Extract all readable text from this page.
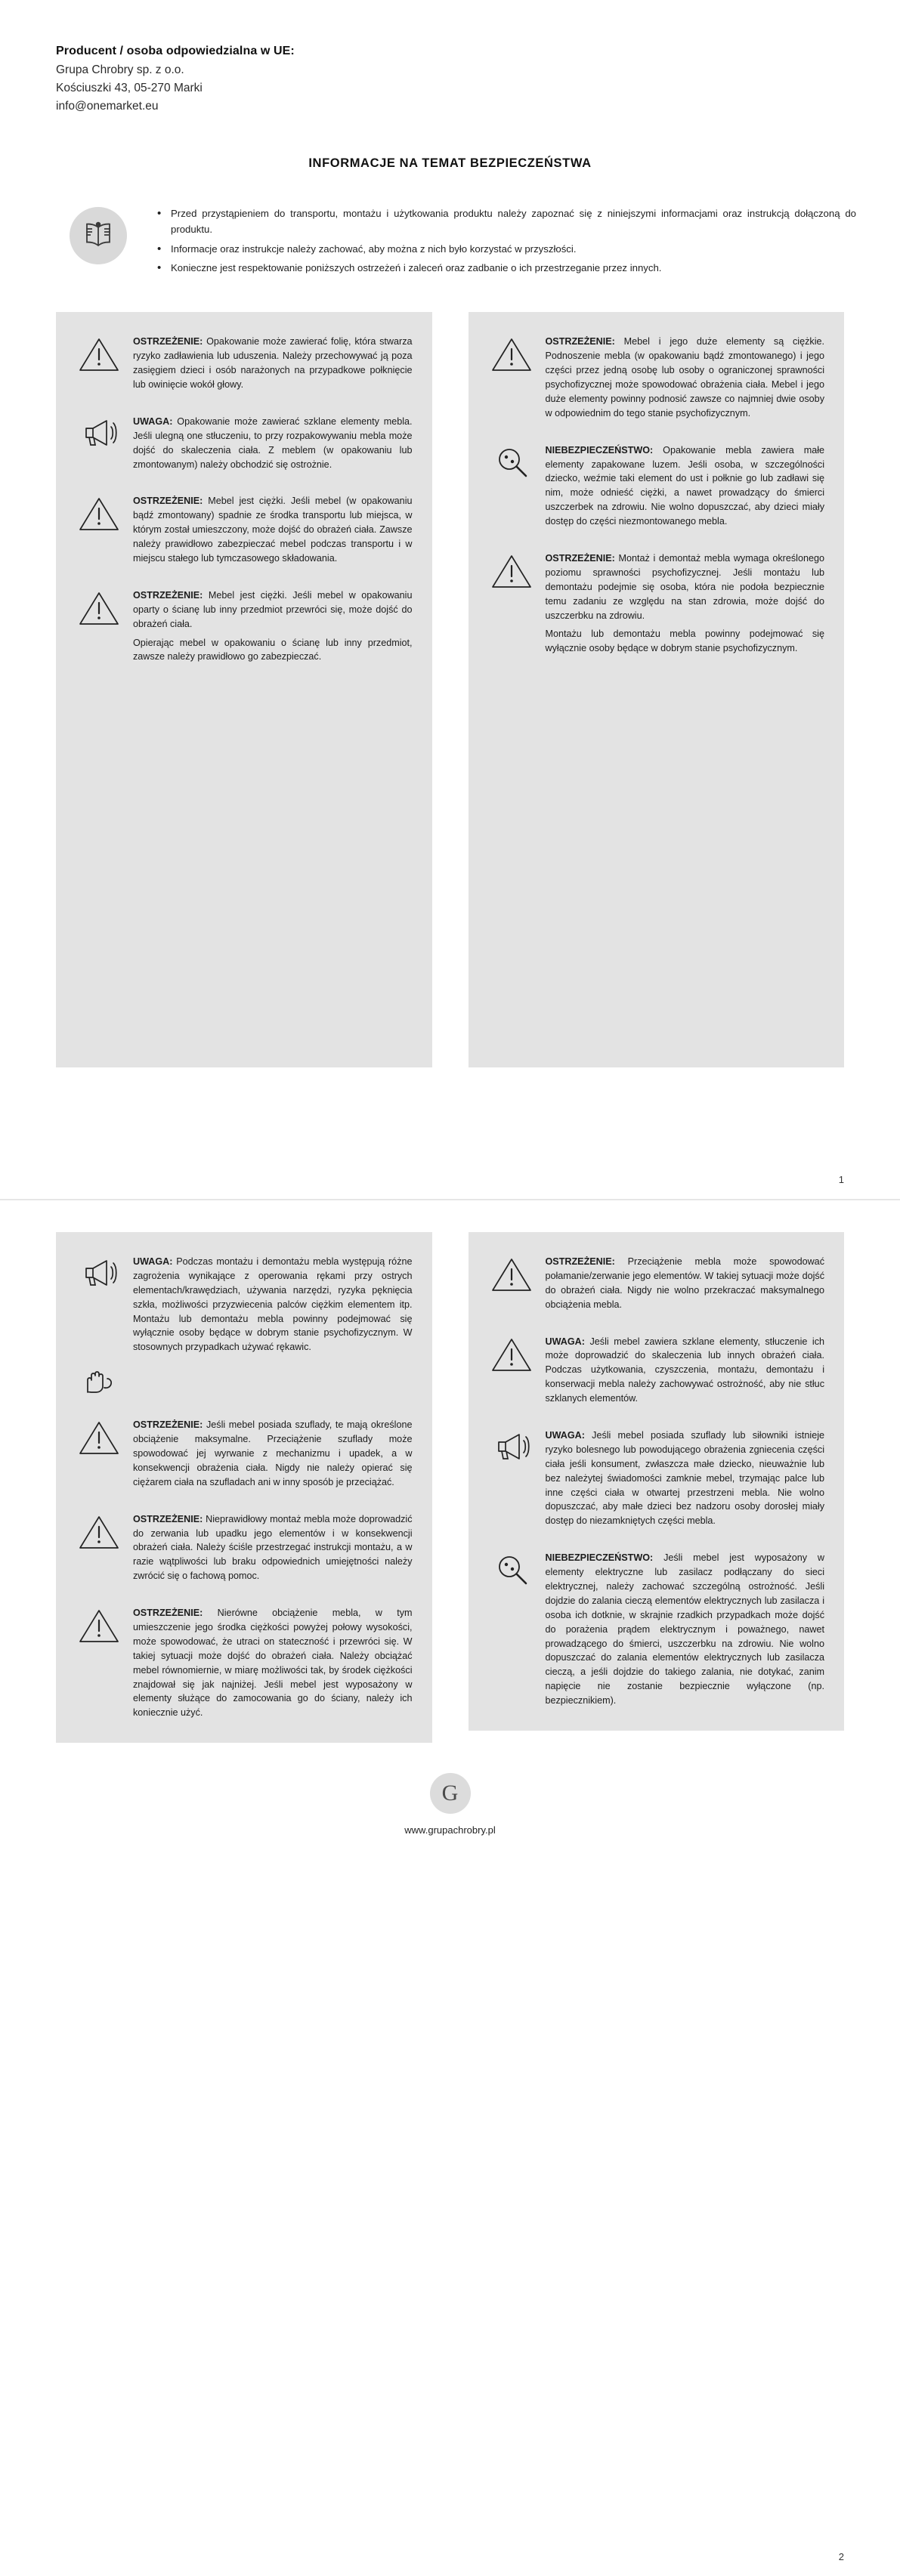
Producent / osoba odpowiedzialna w UE:
Grupa Chrobry sp. z o.o.
Kościuszki 43, 05-270 Marki
info@onemarket.eu
INFORMACJE NA TEMAT BEZPIECZEŃSTWA
• Przed przystąpieniem do transportu, montażu i użytkowania produktu należy zapoznać się z niniejszymi informacjami oraz instrukcją dołączoną do produktu.
• Informacje oraz instrukcje należy zachować, aby można z nich było korzystać w przyszłości.
• Konieczne jest respektowanie poniższych ostrzeżeń i zaleceń oraz zadbanie o ich przestrzeganie przez innych.

OSTRZEŻENIE: Opakowanie może zawierać folię, która stwarza ryzyko zadławienia lub uduszenia. Należy przechowywać ją poza zasięgiem dzieci i osób narażonych na przypadkowe połknięcie lub owinięcie wokół głowy.

UWAGA: Opakowanie może zawierać szklane elementy mebla. Jeśli ulegną one stłuczeniu, to przy rozpakowywaniu mebla może dojść do skaleczenia ciała. Z meblem (w opakowaniu lub zmontowanym) należy obchodzić się ostrożnie.

OSTRZEŻENIE: Mebel jest ciężki. Jeśli mebel (w opakowaniu bądź zmontowany) spadnie ze środka transportu lub miejsca, w którym został umieszczony, może dojść do obrażeń ciała. Zawsze należy prawidłowo zabezpieczać mebel podczas transportu i w miejscu stałego lub tymczasowego składowania.

OSTRZEŻENIE: Mebel jest ciężki. Jeśli mebel w opakowaniu oparty o ścianę lub inny przedmiot przewróci się, może dojść do obrażeń ciała.

Opierając mebel w opakowaniu o ścianę lub inny przedmiot, zawsze należy prawidłowo go zabezpieczać.

OSTRZEŻENIE: Mebel i jego duże elementy są ciężkie. Podnoszenie mebla (w opakowaniu bądź zmontowanego) i jego części przez jedną osobę lub osoby o ograniczonej sprawności psychofizycznej może spowodować obrażenia ciała. Mebel i jego duże elementy powinny podnosić zawsze co najmniej dwie osoby w odpowiednim do tego stanie psychofizycznym.

NIEBEZPIECZEŃSTWO: Opakowanie mebla zawiera małe elementy zapakowane luzem. Jeśli osoba, w szczególności dziecko, weźmie taki element do ust i połknie go lub zadławi się nim, może odnieść ciężki, a nawet prowadzący do śmierci uszczerbek na zdrowiu. Nie wolno dopuszczać, aby dzieci miały dostęp do części niezmontowanego mebla.

OSTRZEŻENIE: Montaż i demontaż mebla wymaga określonego poziomu sprawności psychofizycznej. Jeśli montażu lub demontażu podejmie się osoba, która nie podoła bezpiecznie temu zadaniu ze względu na stan zdrowia, może dojść do uszczerbku na zdrowiu.

Montażu lub demontażu mebla powinny podejmować się wyłącznie osoby będące w dobrym stanie psychofizycznym.

1

UWAGA: Podczas montażu i demontażu mebla występują różne zagrożenia wynikające z operowania rękami przy ostrych elementach/krawędziach, używania narzędzi, ryzyka pęknięcia szkła, możliwości przyzwiecenia palców ciężkim elementem itp. Montażu lub demontażu mebla powinny podejmować się wyłącznie osoby będące w dobrym stanie psychofizycznym. W stosownych przypadkach używać rękawic.

OSTRZEŻENIE: Jeśli mebel posiada szuflady, te mają określone obciążenie maksymalne. Przeciążenie szuflady może spowodować jej wyrwanie z mechanizmu i upadek, a w konsekwencji obrażenia ciała. Nigdy nie należy opierać się ciężarem ciała na szufladach ani w inny sposób je przeciążać.

OSTRZEŻENIE: Nieprawidłowy montaż mebla może doprowadzić do zerwania lub upadku jego elementów i w konsekwencji obrażeń ciała. Należy ściśle przestrzegać instrukcji montażu, a w razie wątpliwości lub braku odpowiednich umiejętności należy zwrócić się o fachową pomoc.

OSTRZEŻENIE: Nierówne obciążenie mebla, w tym umieszczenie jego środka ciężkości powyżej połowy wysokości, może spowodować, że utraci on stateczność i przewróci się. W takiej sytuacji może dojść do obrażeń ciała. Należy obciążać mebel równomiernie, w miarę możliwości tak, by środek ciężkości znajdował się jak najniżej. Jeśli mebel jest wyposażony w elementy służące do zamocowania go do ściany, należy ich koniecznie użyć.

OSTRZEŻENIE: Przeciążenie mebla może spowodować połamanie/zerwanie jego elementów. W takiej sytuacji może dojść do obrażeń ciała. Nigdy nie wolno przekraczać maksymalnego obciążenia mebla.

UWAGA: Jeśli mebel zawiera szklane elementy, stłuczenie ich może doprowadzić do skaleczenia lub innych obrażeń ciała. Podczas użytkowania, czyszczenia, montażu, demontażu i konserwacji mebla należy zachowywać ostrożność, aby nie stłuc szklanych elementów.

UWAGA: Jeśli mebel posiada szuflady lub siłowniki istnieje ryzyko bolesnego lub powodującego obrażenia zgniecenia części ciała jeśli konsument, zwłaszcza małe dziecko, nieuważnie lub bez należytej świadomości zamknie mebel, trzymając palce lub inne części ciała w otwartej przestrzeni mebla. Nie wolno dopuszczać, aby małe dzieci bez nadzoru osoby dorosłej miały dostęp do niezamkniętych części mebla.

NIEBEZPIECZEŃSTWO: Jeśli mebel jest wyposażony w elementy elektryczne lub zasilacz podłączany do sieci elektrycznej, należy zachować szczególną ostrożność. Jeśli dojdzie do zalania cieczą elementów elektrycznych lub zasilacza i osoba ich dotknie, w skrajnie rzadkich przypadkach może dojść do porażenia prądem elektrycznym i poważnego, nawet prowadzącego do śmierci, uszczerbku na zdrowiu. Nie wolno dopuszczać do zalania elementów elektrycznych lub zasilacza cieczą, a jeśli dojdzie do takiego zalania, nie dotykać, zanim napięcie nie zostanie bezpiecznie wyłączone (np. bezpiecznikiem).

G
www.grupachrobry.pl
2
